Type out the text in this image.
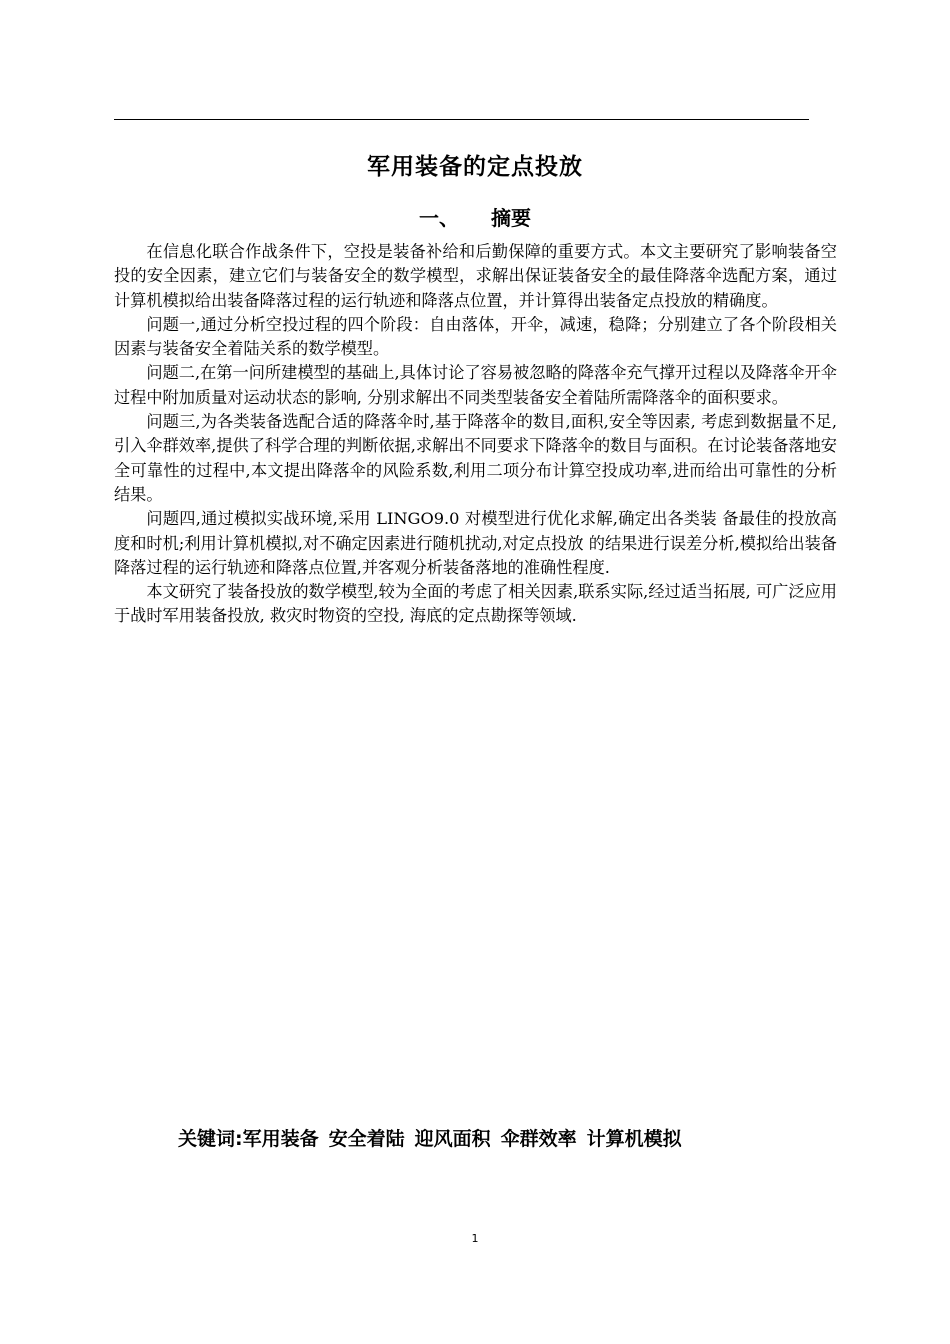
军用装备的定点投放
一、 摘要

在信息化联合作战条件下，空投是装备补给和后勤保障的重要方式。本文主要研究了影响装备空投的安全因素，建立它们与装备安全的数学模型，求解出保证装备安全的最佳降落伞选配方案，通过计算机模拟给出装备降落过程的运行轨迹和降落点位置，并计算得出装备定点投放的精确度。

问题一,通过分析空投过程的四个阶段：自由落体，开伞，减速，稳降；分别建立了各个阶段相关因素与装备安全着陆关系的数学模型。

问题二,在第一问所建模型的基础上,具体讨论了容易被忽略的降落伞充气撑开过程以及降落伞开伞过程中附加质量对运动状态的影响, 分别求解出不同类型装备安全着陆所需降落伞的面积要求。

问题三,为各类装备选配合适的降落伞时,基于降落伞的数目,面积,安全等因素, 考虑到数据量不足,引入伞群效率,提供了科学合理的判断依据,求解出不同要求下降落伞的数目与面积。在讨论装备落地安全可靠性的过程中,本文提出降落伞的风险系数,利用二项分布计算空投成功率,进而给出可靠性的分析结果。

问题四,通过模拟实战环境,采用 LINGO9.0 对模型进行优化求解,确定出各类装 备最佳的投放高度和时机;利用计算机模拟,对不确定因素进行随机扰动,对定点投放 的结果进行误差分析,模拟给出装备降落过程的运行轨迹和降落点位置,并客观分析装备落地的准确性程度.

本文研究了装备投放的数学模型,较为全面的考虑了相关因素,联系实际,经过适当拓展, 可广泛应用于战时军用装备投放, 救灾时物资的空投, 海底的定点勘探等领域.

关键词:军用装备 安全着陆 迎风面积 伞群效率 计算机模拟
1
